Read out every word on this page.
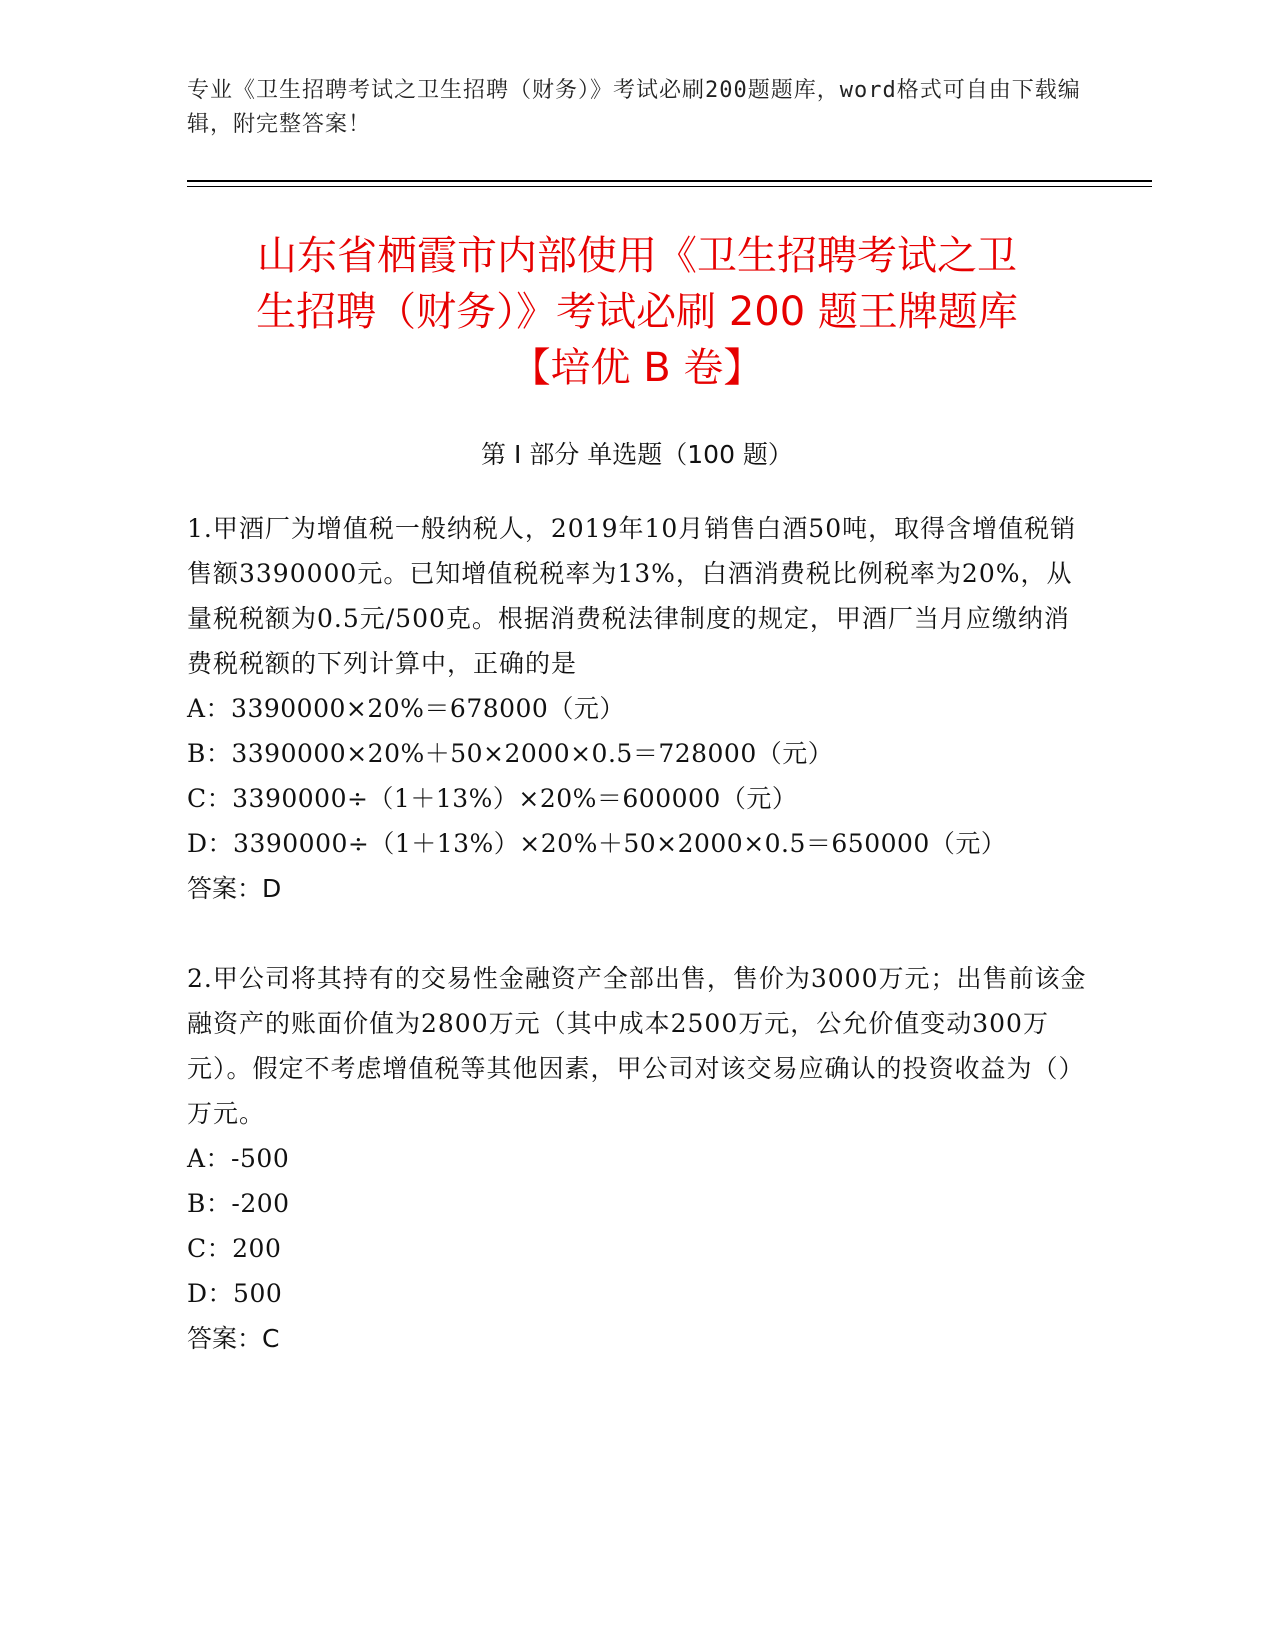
专业《卫生招聘考试之卫生招聘（财务）》考试必刷200题题库，word格式可自由下载编辑，附完整答案！
山东省栖霞市内部使用《卫生招聘考试之卫
生招聘（财务）》考试必刷 200 题王牌题库
【培优 B 卷】
第 I 部分 单选题（100 题）

1.甲酒厂为增值税一般纳税人，2019年10月销售白酒50吨，取得含增值税销售额3390000元。已知增值税税率为13%，白酒消费税比例税率为20%，从量税税额为0.5元/500克。根据消费税法律制度的规定，甲酒厂当月应缴纳消费税税额的下列计算中，正确的是

A：3390000×20%＝678000（元）

B：3390000×20%＋50×2000×0.5＝728000（元）

C：3390000÷（1＋13%）×20%＝600000（元）

D：3390000÷（1＋13%）×20%＋50×2000×0.5＝650000（元）

答案：D

2.甲公司将其持有的交易性金融资产全部出售，售价为3000万元；出售前该金融资产的账面价值为2800万元（其中成本2500万元，公允价值变动300万元）。假定不考虑增值税等其他因素，甲公司对该交易应确认的投资收益为（）万元。

A：-500

B：-200

C：200

D：500

答案：C
